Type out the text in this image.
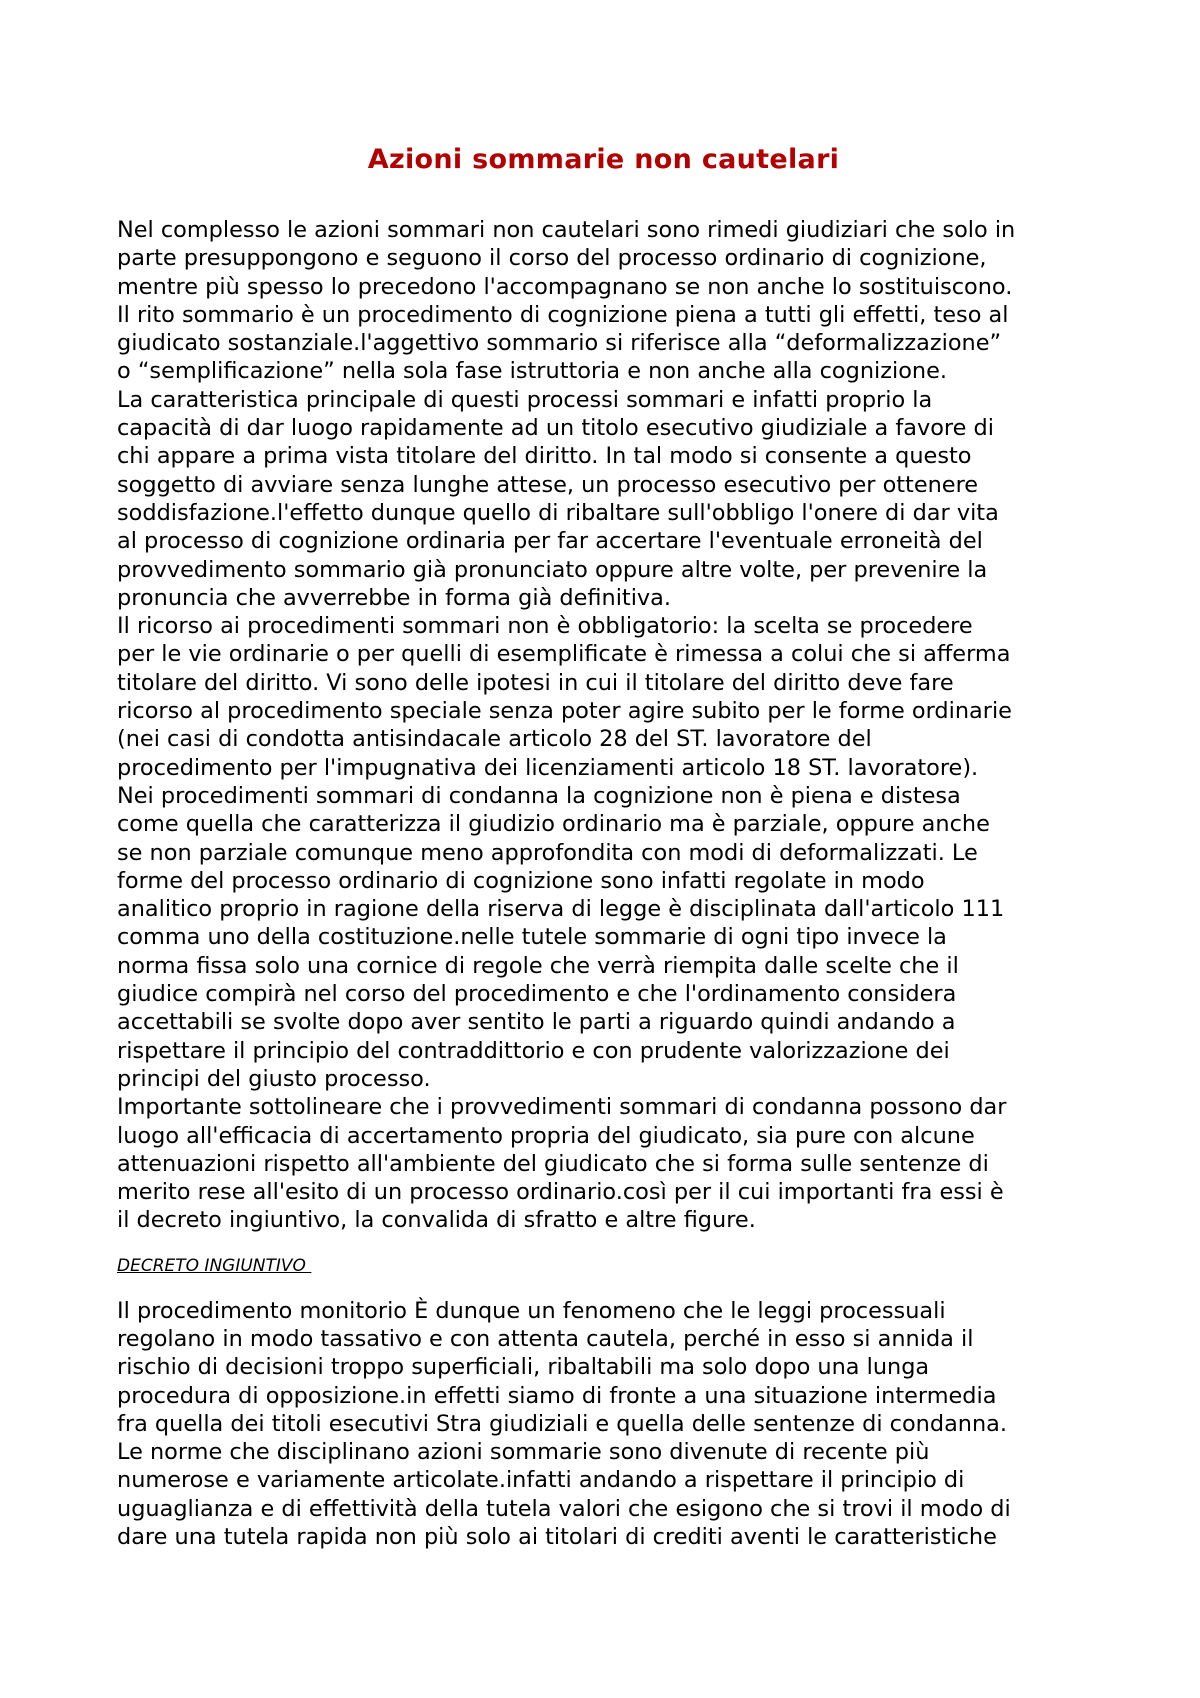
Azioni sommarie non cautelari
Nel complesso le azioni sommari non cautelari sono rimedi giudiziari che solo in
parte presuppongono e seguono il corso del processo ordinario di cognizione,
mentre più spesso lo precedono l'accompagnano se non anche lo sostituiscono.
Il rito sommario è un procedimento di cognizione piena a tutti gli effetti, teso al
giudicato sostanziale.l'aggettivo sommario si riferisce alla “deformalizzazione”
o “semplificazione” nella sola fase istruttoria e non anche alla cognizione.
La caratteristica principale di questi processi sommari e infatti proprio la
capacità di dar luogo rapidamente ad un titolo esecutivo giudiziale a favore di
chi appare a prima vista titolare del diritto. In tal modo si consente a questo
soggetto di avviare senza lunghe attese, un processo esecutivo per ottenere
soddisfazione.l'effetto dunque quello di ribaltare sull'obbligo l'onere di dar vita
al processo di cognizione ordinaria per far accertare l'eventuale erroneità del
provvedimento sommario già pronunciato oppure altre volte, per prevenire la
pronuncia che avverrebbe in forma già definitiva.
Il ricorso ai procedimenti sommari non è obbligatorio: la scelta se procedere
per le vie ordinarie o per quelli di esemplificate è rimessa a colui che si afferma
titolare del diritto. Vi sono delle ipotesi in cui il titolare del diritto deve fare
ricorso al procedimento speciale senza poter agire subito per le forme ordinarie
(nei casi di condotta antisindacale articolo 28 del ST. lavoratore del
procedimento per l'impugnativa dei licenziamenti articolo 18 ST. lavoratore).
Nei procedimenti sommari di condanna la cognizione non è piena e distesa
come quella che caratterizza il giudizio ordinario ma è parziale, oppure anche
se non parziale comunque meno approfondita con modi di deformalizzati. Le
forme del processo ordinario di cognizione sono infatti regolate in modo
analitico proprio in ragione della riserva di legge è disciplinata dall'articolo 111
comma uno della costituzione.nelle tutele sommarie di ogni tipo invece la
norma fissa solo una cornice di regole che verrà riempita dalle scelte che il
giudice compirà nel corso del procedimento e che l'ordinamento considera
accettabili se svolte dopo aver sentito le parti a riguardo quindi andando a
rispettare il principio del contraddittorio e con prudente valorizzazione dei
principi del giusto processo.
Importante sottolineare che i provvedimenti sommari di condanna possono dar
luogo all'efficacia di accertamento propria del giudicato, sia pure con alcune
attenuazioni rispetto all'ambiente del giudicato che si forma sulle sentenze di
merito rese all'esito di un processo ordinario.così per il cui importanti fra essi è
il decreto ingiuntivo, la convalida di sfratto e altre figure.
DECRETO INGIUNTIVO
Il procedimento monitorio È dunque un fenomeno che le leggi processuali
regolano in modo tassativo e con attenta cautela, perché in esso si annida il
rischio di decisioni troppo superficiali, ribaltabili ma solo dopo una lunga
procedura di opposizione.in effetti siamo di fronte a una situazione intermedia
fra quella dei titoli esecutivi Stra giudiziali e quella delle sentenze di condanna.
Le norme che disciplinano azioni sommarie sono divenute di recente più
numerose e variamente articolate.infatti andando a rispettare il principio di
uguaglianza e di effettività della tutela valori che esigono che si trovi il modo di
dare una tutela rapida non più solo ai titolari di crediti aventi le caratteristiche
